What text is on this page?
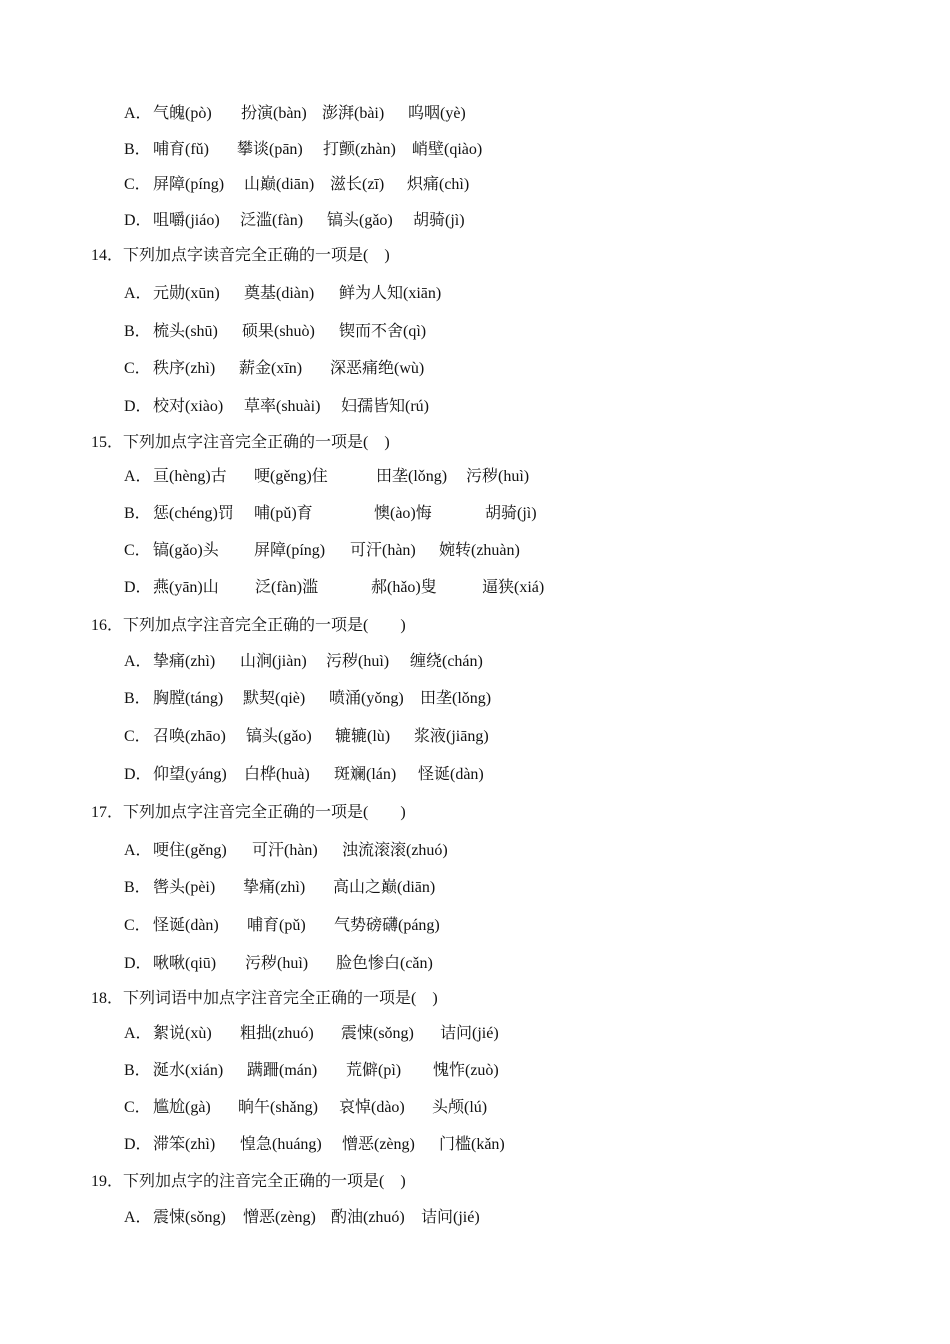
A．气魄(pò) 扮演(bàn) 澎湃(bài) 呜咽(yè)
B． 哺育(fǔ) 攀谈(pān) 打颤(zhàn) 峭壁(qiào)
C． 屏障(píng) 山巅(diān) 滋长(zī) 炽痛(chì)
D．咀嚼(jiáo) 泛滥(fàn) 镐头(gǎo) 胡骑(jì)
14．下列加点字读音完全正确的一项是(　)
A．元勋(xūn) 奠基(diàn) 鲜为人知(xiān)
B． 梳头(shū) 硕果(shuò) 锲而不舍(qì)
C． 秩序(zhì) 薪金(xīn) 深恶痛绝(wù)
D．校对(xiào) 草率(shuài) 妇孺皆知(rú)
15．下列加点字注音完全正确的一项是(　)
A．亘(hèng)古 哽(gěng)住	田垄(lǒng) 污秽(huì)
B． 惩(chéng)罚 哺(pǔ)育	懊(ào)悔	胡骑(jì)
C． 镐(gǎo)头 屏障(píng) 可汗(hàn) 婉转(zhuàn)
D．燕(yān)山 泛(fàn)滥	郝(hǎo)叟	逼狭(xiá)
16．下列加点字注音完全正确的一项是(　　)
A．挚痛(zhì) 山涧(jiàn) 污秽(huì) 缠绕(chán)
B． 胸膛(táng) 默契(qiè) 喷涌(yǒng) 田垄(lǒng)
C． 召唤(zhāo) 镐头(gǎo) 辘辘(lù) 浆液(jiāng)
D．仰望(yáng) 白桦(huà) 斑斓(lán) 怪诞(dàn)
17．下列加点字注音完全正确的一项是(　　)
A．哽住(gěng) 可汗(hàn) 浊流滚滚(zhuó)
B． 辔头(pèi) 挚痛(zhì) 高山之巅(diān)
C． 怪诞(dàn) 哺育(pǔ) 气势磅礴(páng)
D．啾啾(qiū) 污秽(huì) 脸色惨白(cǎn)
18．下列词语中加点字注音完全正确的一项是(　)
A．絮说(xù) 粗拙(zhuó) 震悚(sǒng) 诘问(jié)
B． 涎水(xián) 蹒跚(mán) 荒僻(pì) 愧怍(zuò)
C． 尴尬(gà) 晌午(shǎng) 哀悼(dào) 头颅(lú)
D．滞笨(zhì) 惶急(huáng) 憎恶(zèng) 门槛(kǎn)
19．下列加点字的注音完全正确的一项是(　)
A．震悚(sǒng) 憎恶(zèng) 酌油(zhuó) 诘问(jié)
